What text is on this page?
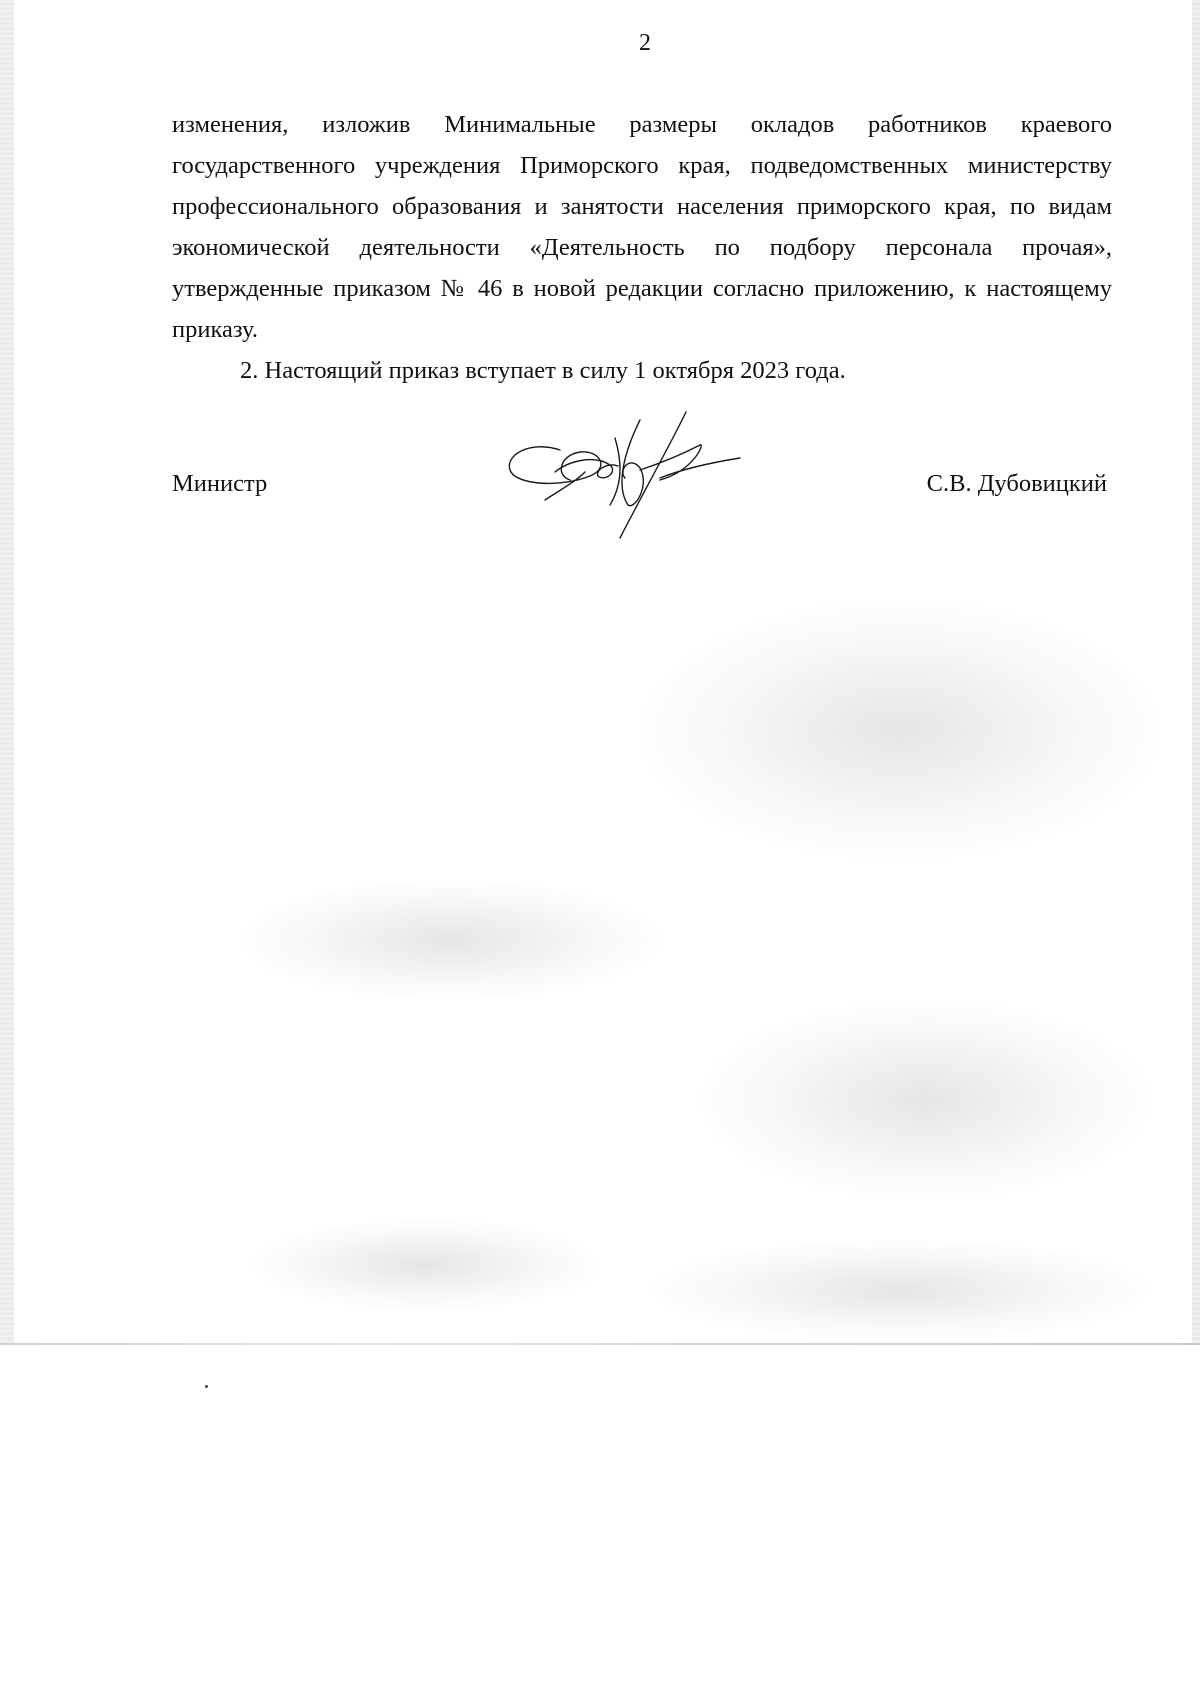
2

изменения, изложив Минимальные размеры окладов работников краевого государственного учреждения Приморского края, подведомственных министерству профессионального образования и занятости населения приморского края, по видам экономической деятельности «Деятельность по подбору персонала прочая», утвержденные приказом № 46 в новой редакции согласно приложению, к настоящему приказу.

2. Настоящий приказ вступает в силу 1 октября 2023 года.

Министр	С.В. Дубовицкий
